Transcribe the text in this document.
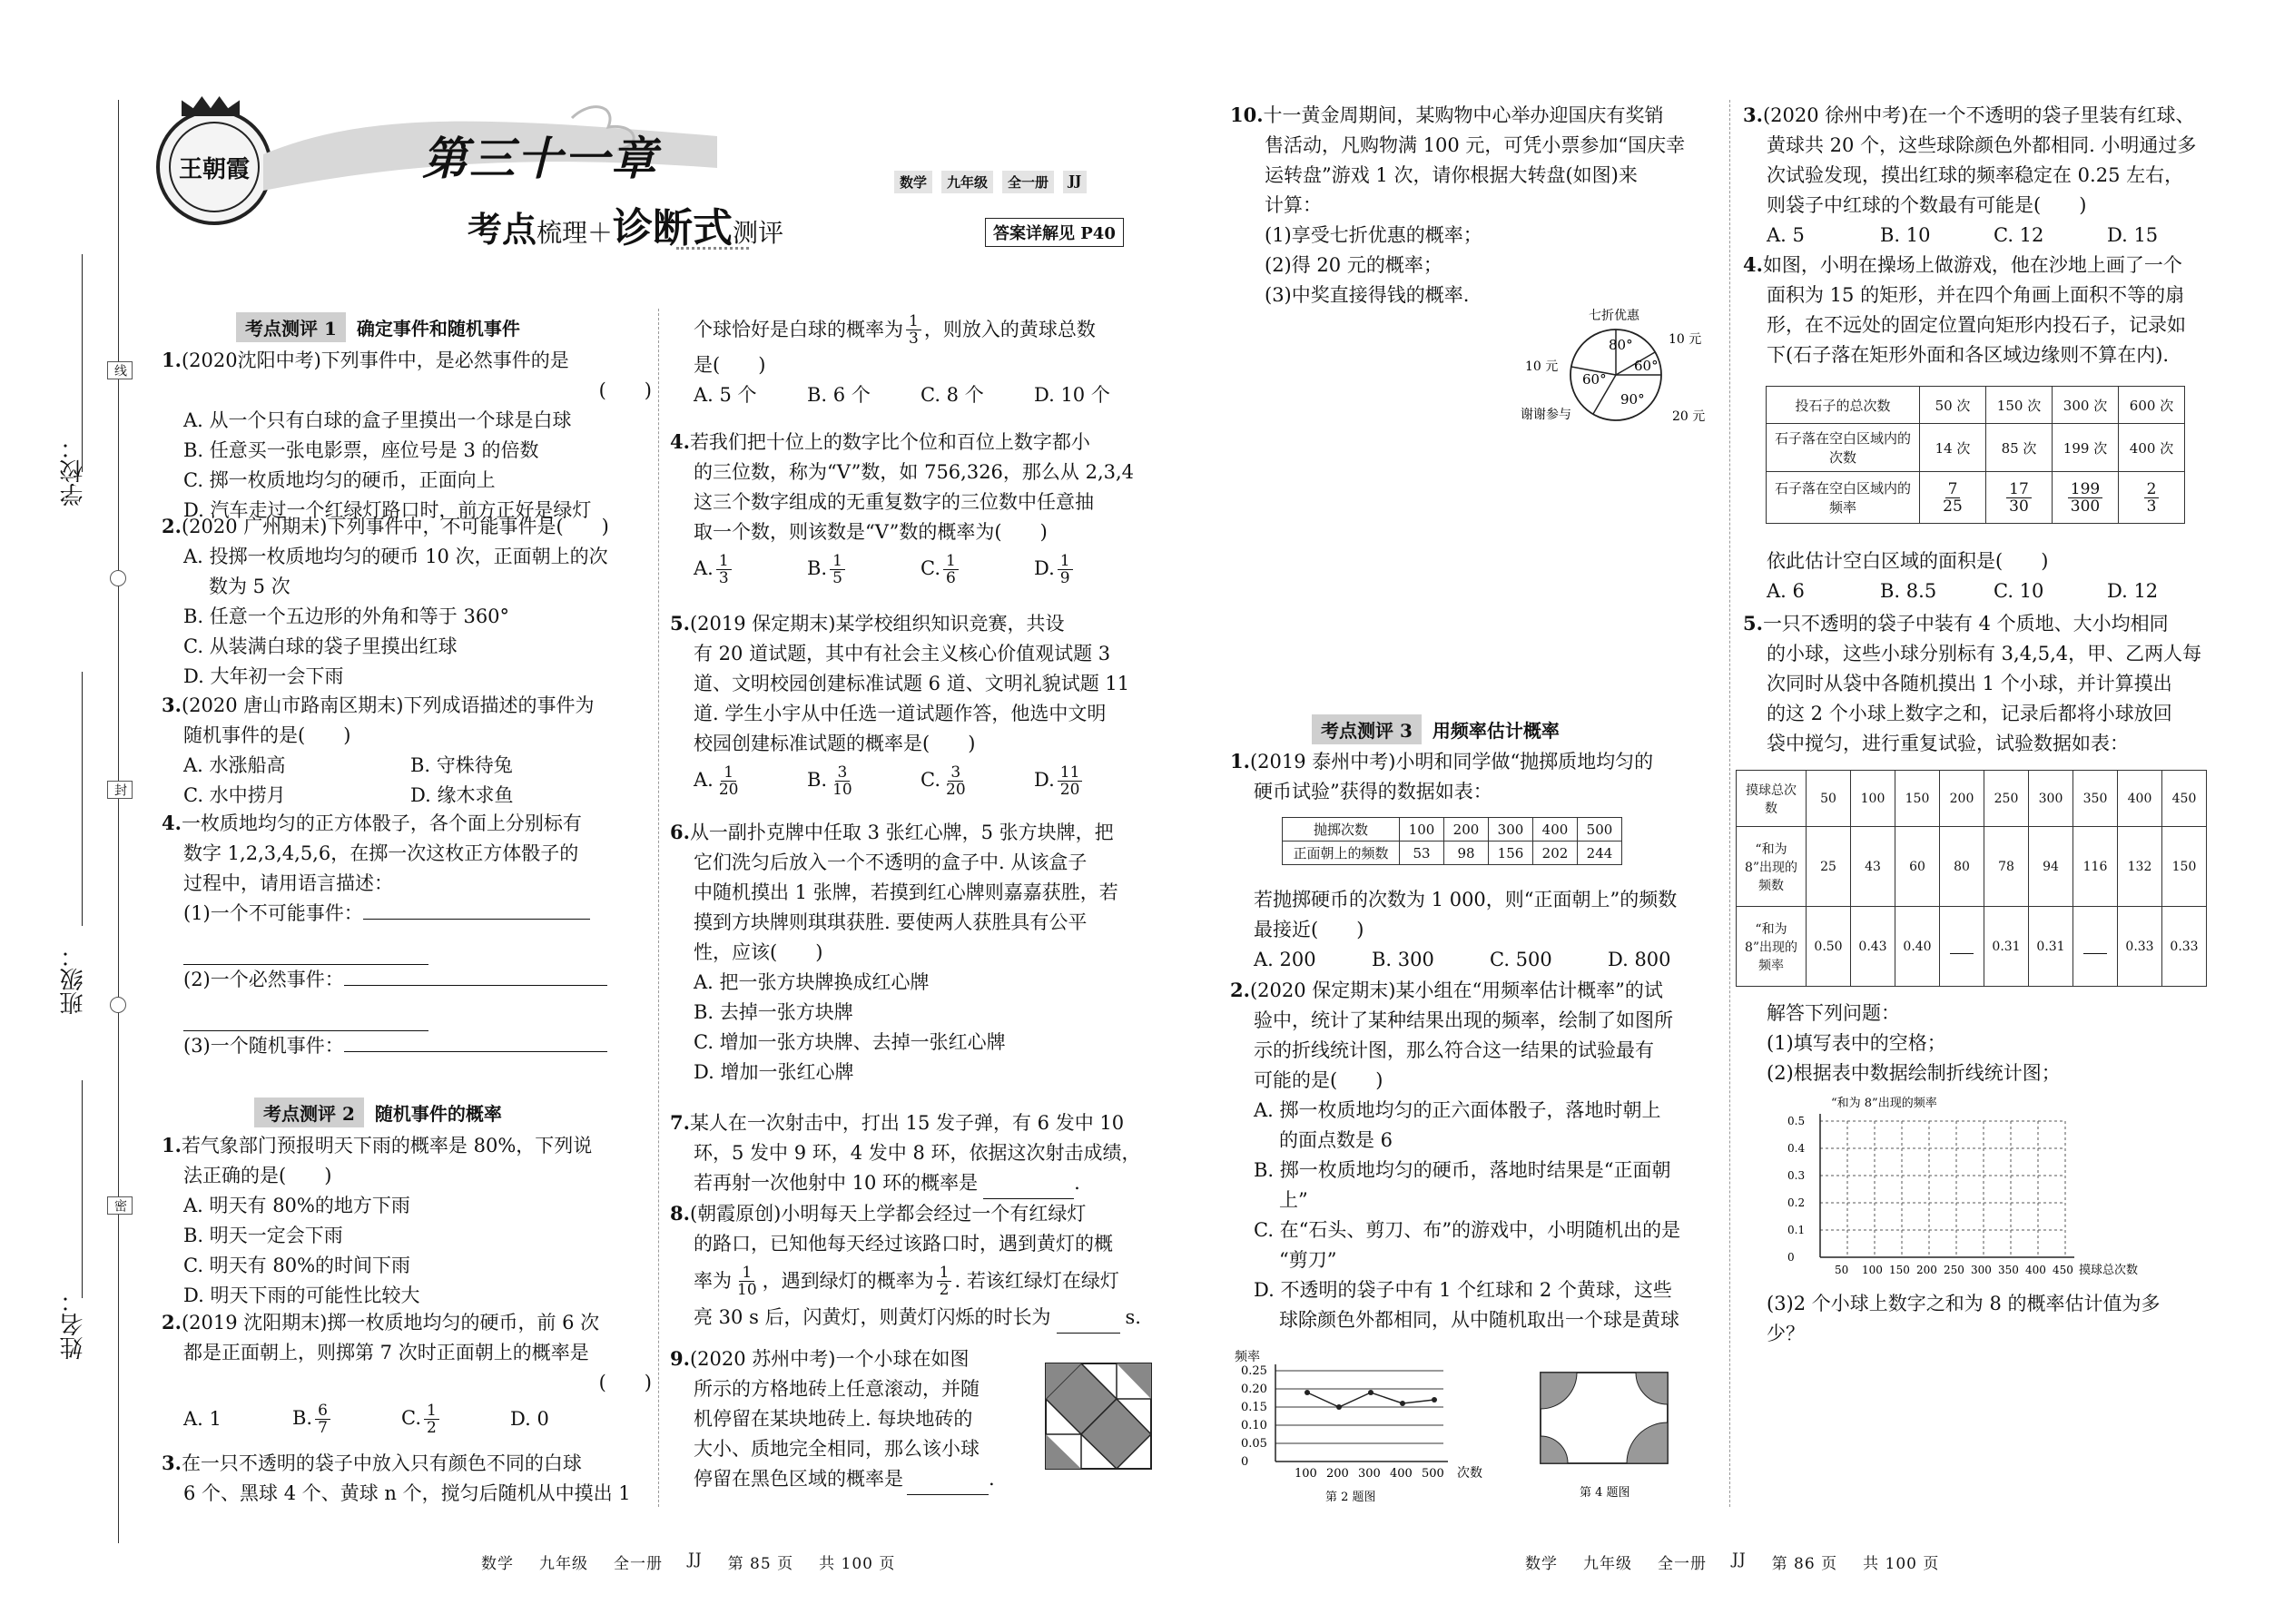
学校：
班级：
姓名：
线
封
密
王朝霞	第三十一章
考点 梳理＋ 诊断式 测评
数学	九年级	全一册	JJ
答案详解见 P40
考点测评 1	确定事件和随机事件
1.(2020沈阳中考)下列事件中，是必然事件的是
(　　)
A. 从一个只有白球的盒子里摸出一个球是白球
B. 任意买一张电影票，座位号是 3 的倍数
C. 掷一枚质地均匀的硬币，正面向上
D. 汽车走过一个红绿灯路口时，前方正好是绿灯
2.(2020 广州期末)下列事件中，不可能事件是(　　)
A. 投掷一枚质地均匀的硬币 10 次，正面朝上的次
数为 5 次
B. 任意一个五边形的外角和等于 360°
C. 从装满白球的袋子里摸出红球
D. 大年初一会下雨
3.(2020 唐山市路南区期末)下列成语描述的事件为
随机事件的是(　　)
A. 水涨船高	B. 守株待兔
C. 水中捞月	D. 缘木求鱼
4.一枚质地均匀的正方体骰子，各个面上分别标有
数字 1,2,3,4,5,6，在掷一次这枚正方体骰子的
过程中，请用语言描述：
(1)一个不可能事件：

(2)一个必然事件：

(3)一个随机事件：
考点测评 2	随机事件的概率
1.若气象部门预报明天下雨的概率是 80%，下列说
法正确的是(　　)
A. 明天有 80%的地方下雨
B. 明天一定会下雨
C. 明天有 80%的时间下雨
D. 明天下雨的可能性比较大
2.(2019 沈阳期末)掷一枚质地均匀的硬币，前 6 次
都是正面朝上，则掷第 7 次时正面朝上的概率是
(　　)
A. 1	B. $\frac{6}{7}$	C. $\frac{1}{2}$	D. 0
3.在一只不透明的袋子中放入只有颜色不同的白球
6 个、黑球 4 个、黄球 n 个，搅匀后随机从中摸出 1
个球恰好是白球的概率为 $\frac{1}{3}$ ，则放入的黄球总数
是(　　)
A. 5 个	B. 6 个	C. 8 个	D. 10 个
4.若我们把十位上的数字比个位和百位上数字都小
的三位数，称为“V”数，如 756,326，那么从 2,3,4
这三个数字组成的无重复数字的三位数中任意抽
取一个数，则该数是“V”数的概率为(　　)
A. $\frac{1}{3}$	B. $\frac{1}{5}$	C. $\frac{1}{6}$	D. $\frac{1}{9}$
5.(2019 保定期末)某学校组织知识竞赛，共设
有 20 道试题，其中有社会主义核心价值观试题 3
道、文明校园创建标准试题 6 道、文明礼貌试题 11
道. 学生小宇从中任选一道试题作答，他选中文明
校园创建标准试题的概率是(　　)
A. $\frac{1}{20}$	B. $\frac{3}{10}$	C. $\frac{3}{20}$	D. $\frac{11}{20}$
6.从一副扑克牌中任取 3 张红心牌，5 张方块牌，把
它们洗匀后放入一个不透明的盒子中. 从该盒子
中随机摸出 1 张牌，若摸到红心牌则嘉嘉获胜，若
摸到方块牌则琪琪获胜. 要使两人获胜具有公平
性，应该(　　)
A. 把一张方块牌换成红心牌
B. 去掉一张方块牌
C. 增加一张方块牌、去掉一张红心牌
D. 增加一张红心牌
7.某人在一次射击中，打出 15 发子弹，有 6 发中 10
环，5 发中 9 环，4 发中 8 环，依据这次射击成绩，
若再射一次他射中 10 环的概率是	.
8.(朝霞原创)小明每天上学都会经过一个有红绿灯
的路口，已知他每天经过该路口时，遇到黄灯的概
率为 $\frac{1}{10}$ ，遇到绿灯的概率为 $\frac{1}{2}$ . 若该红绿灯在绿灯
亮 30 s 后，闪黄灯，则黄灯闪烁的时长为	s.
9.(2020 苏州中考)一个小球在如图
所示的方格地砖上任意滚动，并随
机停留在某块地砖上. 每块地砖的
大小、质地完全相同，那么该小球
停留在黑色区域的概率是	.
数学 九年级 全一册 JJ 第 85 页 共 100 页
10.十一黄金周期间，某购物中心举办迎国庆有奖销
售活动，凡购物满 100 元，可凭小票参加“国庆幸
运转盘”游戏 1 次，请你根据大转盘(如图)来
计算：
(1)享受七折优惠的概率；
(2)得 20 元的概率；
(3)中奖直接得钱的概率.
80°
60°
60°
90°
七折优惠
10 元
10 元
谢谢参与	20 元
考点测评 3	用频率估计概率
1.(2019 泰州中考)小明和同学做“抛掷质地均匀的
硬币试验”获得的数据如表：
抛掷次数	100	200	300	400	500
正面朝上的频数	53	98	156	202	244
若抛掷硬币的次数为 1 000，则“正面朝上”的频数
最接近(　　)
A. 200	B. 300	C. 500	D. 800
2.(2020 保定期末)某小组在“用频率估计概率”的试
验中，统计了某种结果出现的频率，绘制了如图所
示的折线统计图，那么符合这一结果的试验最有
可能的是(　　)
A. 掷一枚质地均匀的正六面体骰子，落地时朝上
的面点数是 6
B. 掷一枚质地均匀的硬币，落地时结果是“正面朝
上”
C. 在“石头、剪刀、布”的游戏中，小明随机出的是
“剪刀”
D. 不透明的袋子中有 1 个红球和 2 个黄球，这些
球除颜色外都相同，从中随机取出一个球是黄球
频率
0.25
0.20
0.15
0.10
0.05
0
100 200 300 400 500 次数
第 2 题图	第 4 题图
数学 九年级 全一册 JJ 第 86 页 共 100 页
3.(2020 徐州中考)在一个不透明的袋子里装有红球、
黄球共 20 个，这些球除颜色外都相同. 小明通过多
次试验发现，摸出红球的频率稳定在 0.25 左右，
则袋子中红球的个数最有可能是(　　)
A. 5	B. 10	C. 12	D. 15
4.如图，小明在操场上做游戏，他在沙地上画了一个
面积为 15 的矩形，并在四个角画上面积不等的扇
形，在不远处的固定位置向矩形内投石子，记录如
下(石子落在矩形外面和各区域边缘则不算在内).
投石子的总次数	50 次	150 次	300 次	600 次
石子落在空白区域内的次数	14 次	85 次	199 次	400 次
石子落在空白区域内的频率	$\frac{7}{25}$	$\frac{17}{30}$	$\frac{199}{300}$	$\frac{2}{3}$
依此估计空白区域的面积是(　　)
A. 6	B. 8.5	C. 10	D. 12
5.一只不透明的袋子中装有 4 个质地、大小均相同
的小球，这些小球分别标有 3,4,5,4，甲、乙两人每
次同时从袋中各随机摸出 1 个小球，并计算摸出
的这 2 个小球上数字之和，记录后都将小球放回
袋中搅匀，进行重复试验，试验数据如表：
摸球总次数	50	100	150	200	250	300	350	400	450
“和为 8”出现的频数	25	43	60	80	78	94	116	132	150
“和为 8”出现的频率	0.50	0.43	0.40		0.31	0.31		0.33	0.33
解答下列问题：
(1)填写表中的空格；
(2)根据表中数据绘制折线统计图；
“和为 8”出现的频率
0.5
0.4
0.3
0.2
0.1
0
50 100 150 200 250 300 350 400 450 摸球总次数
(3)2 个小球上数字之和为 8 的概率估计值为多
少？
